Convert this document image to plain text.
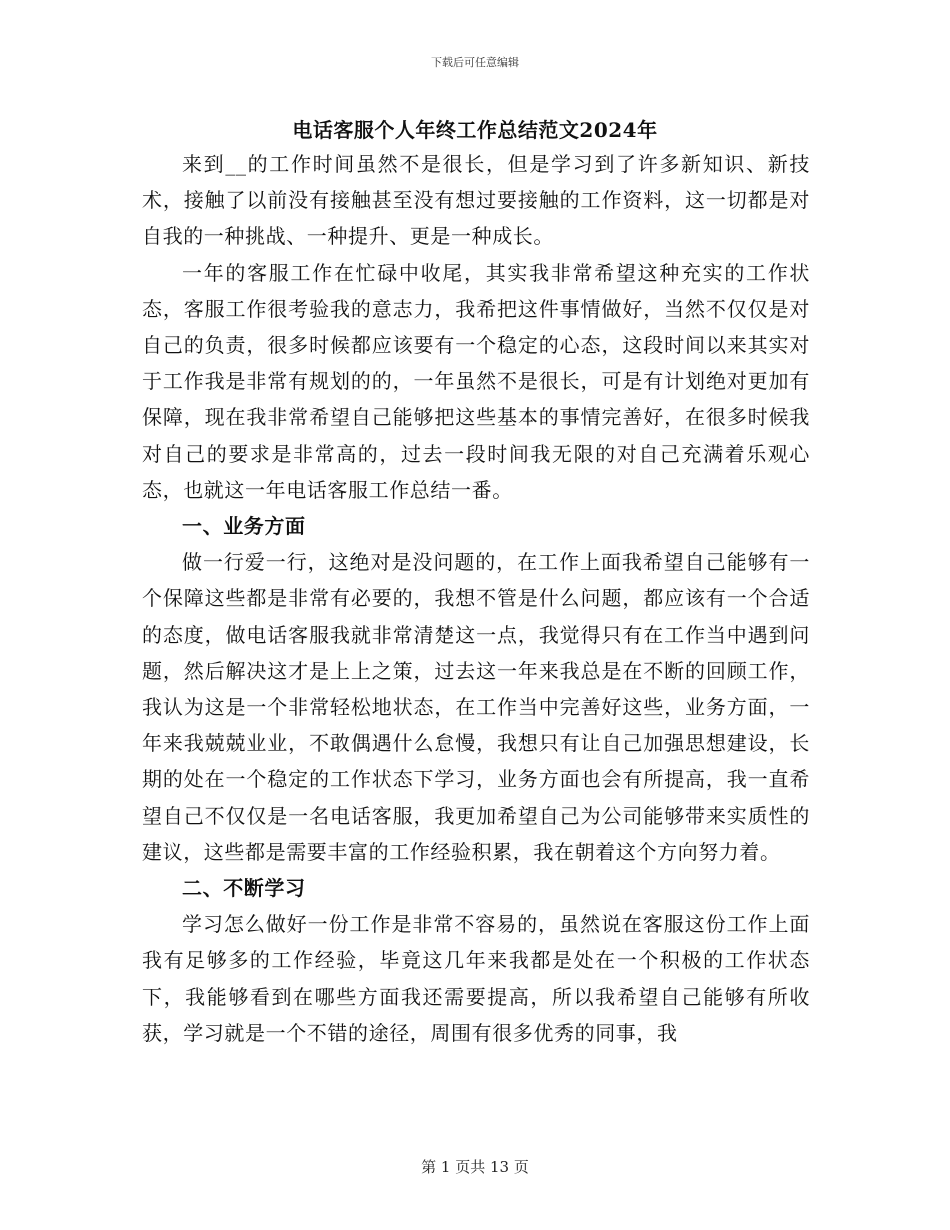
下载后可任意编辑
电话客服个人年终工作总结范文2024年

来到__的工作时间虽然不是很长，但是学习到了许多新知识、新技术，接触了以前没有接触甚至没有想过要接触的工作资料，这一切都是对自我的一种挑战、一种提升、更是一种成长。

一年的客服工作在忙碌中收尾，其实我非常希望这种充实的工作状态，客服工作很考验我的意志力，我希把这件事情做好，当然不仅仅是对自己的负责，很多时候都应该要有一个稳定的心态，这段时间以来其实对于工作我是非常有规划的的，一年虽然不是很长，可是有计划绝对更加有保障，现在我非常希望自己能够把这些基本的事情完善好，在很多时候我对自己的要求是非常高的，过去一段时间我无限的对自己充满着乐观心态，也就这一年电话客服工作总结一番。

一、业务方面

做一行爱一行，这绝对是没问题的，在工作上面我希望自己能够有一个保障这些都是非常有必要的，我想不管是什么问题，都应该有一个合适的态度，做电话客服我就非常清楚这一点，我觉得只有在工作当中遇到问题，然后解决这才是上上之策，过去这一年来我总是在不断的回顾工作，我认为这是一个非常轻松地状态，在工作当中完善好这些，业务方面，一年来我兢兢业业，不敢偶遇什么怠慢，我想只有让自己加强思想建设，长期的处在一个稳定的工作状态下学习，业务方面也会有所提高，我一直希望自己不仅仅是一名电话客服，我更加希望自己为公司能够带来实质性的建议，这些都是需要丰富的工作经验积累，我在朝着这个方向努力着。

二、不断学习

学习怎么做好一份工作是非常不容易的，虽然说在客服这份工作上面我有足够多的工作经验，毕竟这几年来我都是处在一个积极的工作状态下，我能够看到在哪些方面我还需要提高，所以我希望自己能够有所收获，学习就是一个不错的途径，周围有很多优秀的同事，我

第 1 页共 13 页
